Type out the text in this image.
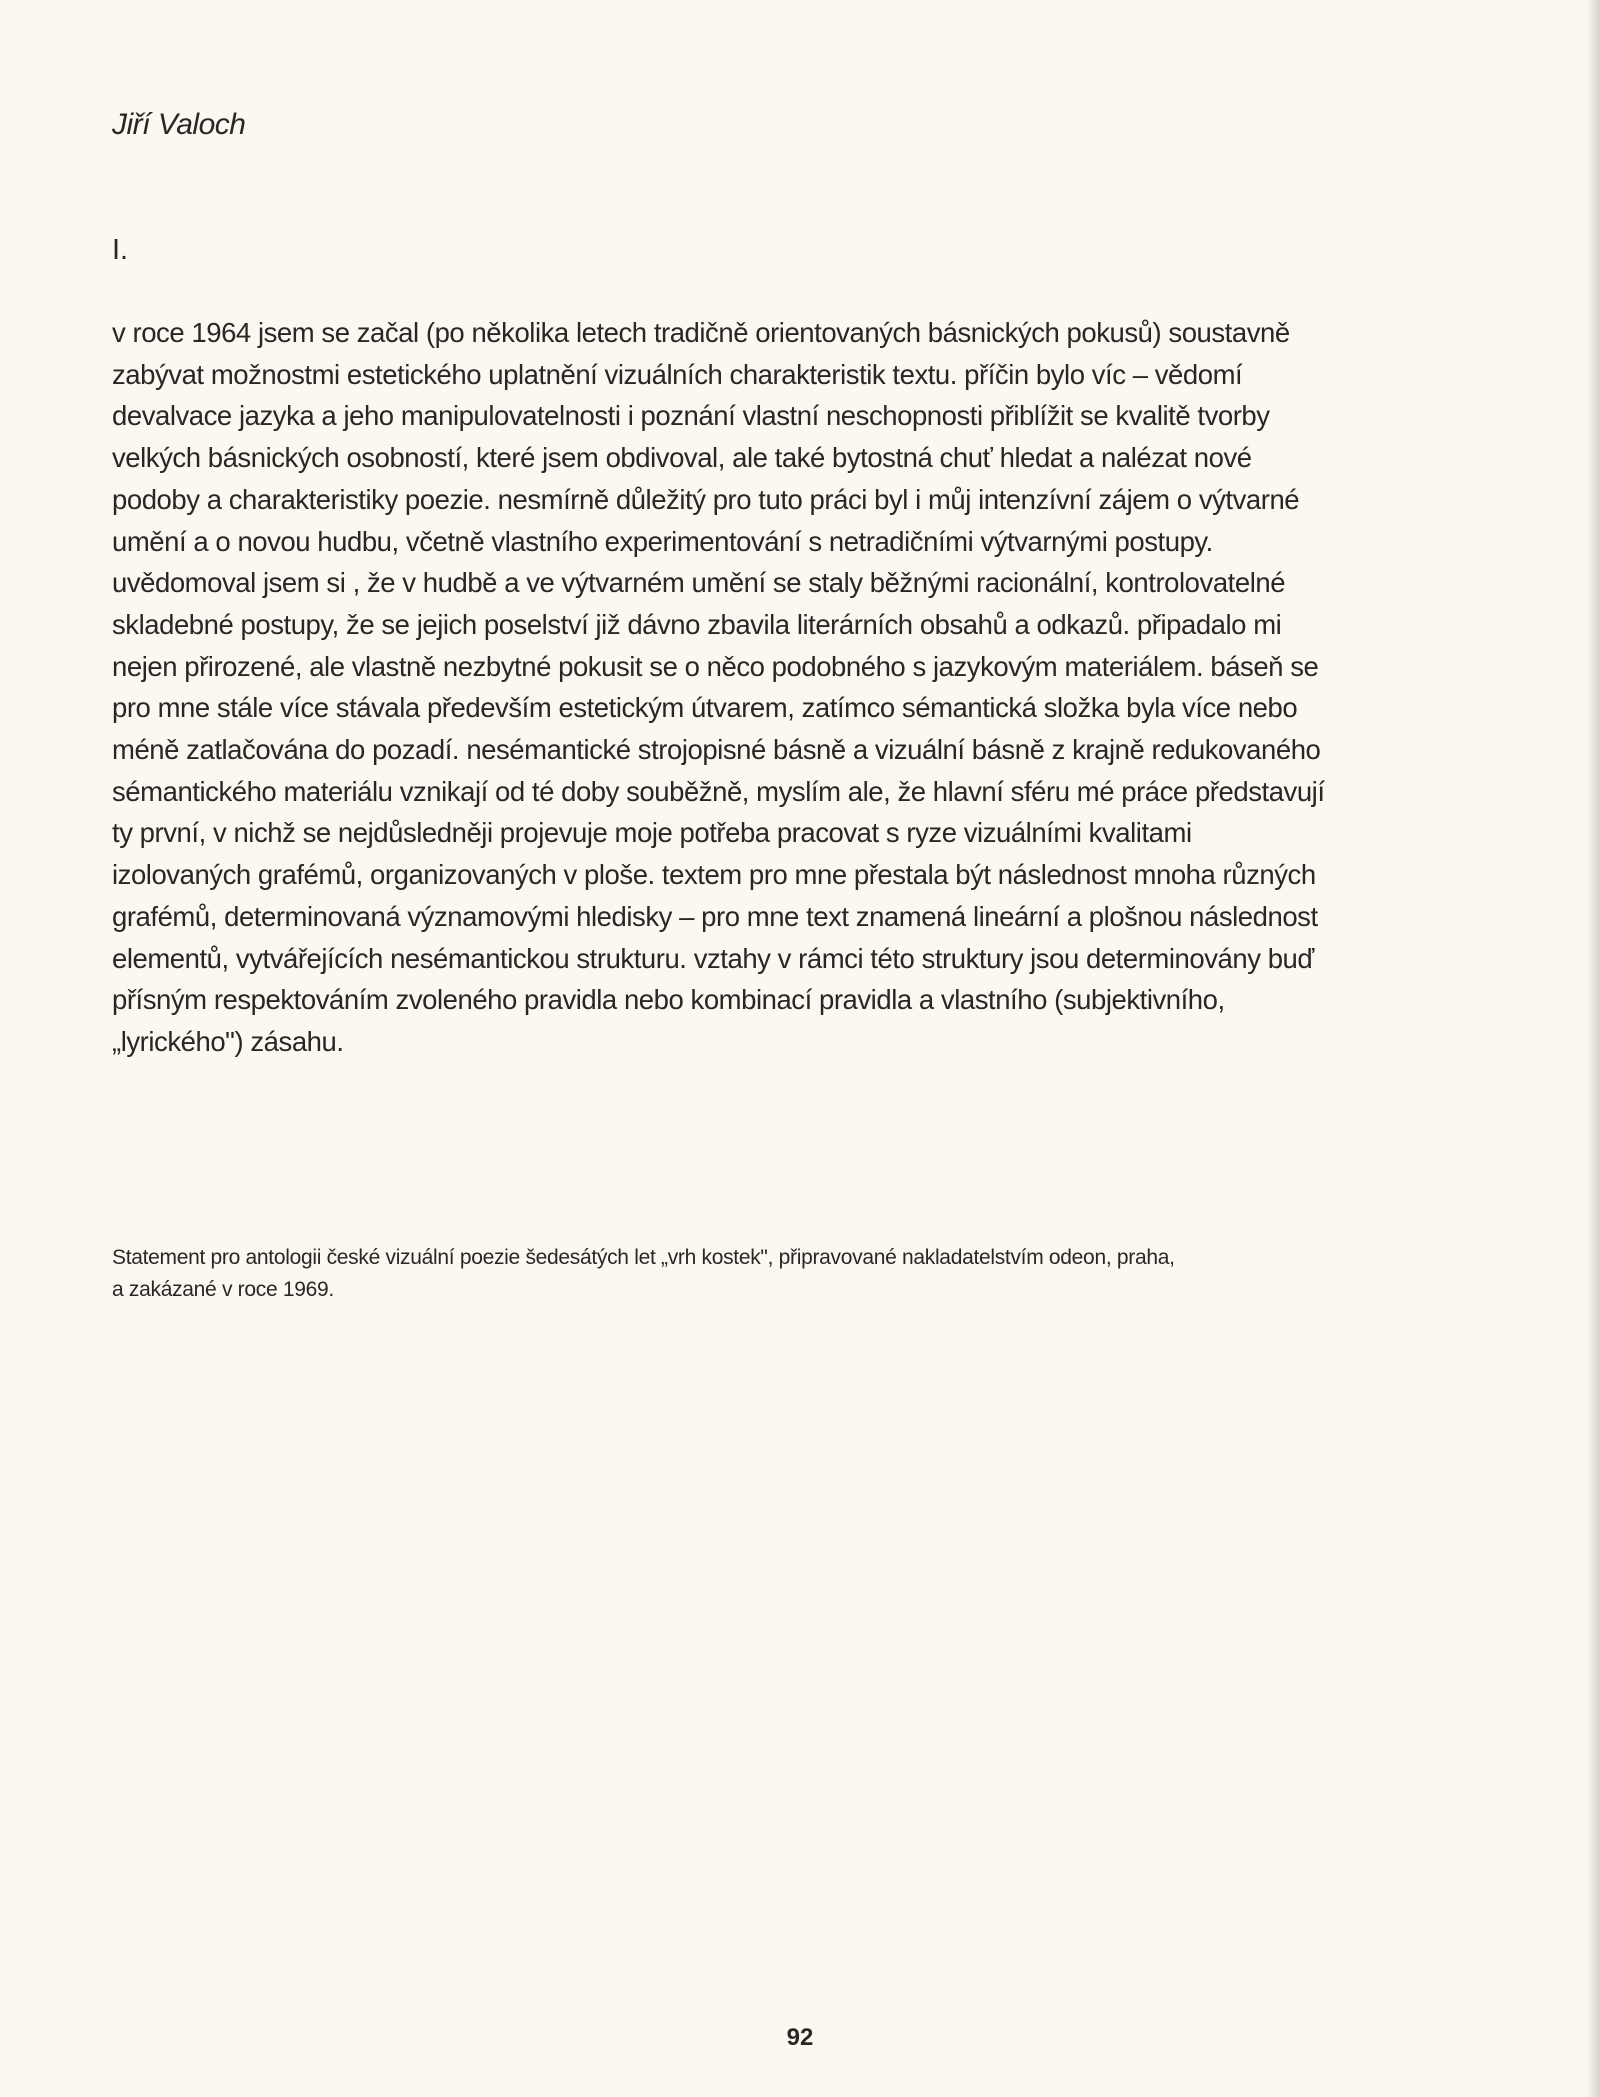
Jiří Valoch
I.
v roce 1964 jsem se začal (po několika letech tradičně orientovaných básnických pokusů) soustavně
zabývat možnostmi estetického uplatnění vizuálních charakteristik textu. příčin bylo víc – vědomí
devalvace jazyka a jeho manipulovatelnosti i poznání vlastní neschopnosti přiblížit se kvalitě tvorby
velkých básnických osobností, které jsem obdivoval, ale také bytostná chuť hledat a nalézat nové
podoby a charakteristiky poezie. nesmírně důležitý pro tuto práci byl i můj intenzívní zájem o výtvarné
umění a o novou hudbu, včetně vlastního experimentování s netradičními výtvarnými postupy.
uvědomoval jsem si , že v hudbě a ve výtvarném umění se staly běžnými racionální, kontrolovatelné
skladebné postupy, že se jejich poselství již dávno zbavila literárních obsahů a odkazů. připadalo mi
nejen přirozené, ale vlastně nezbytné pokusit se o něco podobného s jazykovým materiálem. báseň se
pro mne stále více stávala především estetickým útvarem, zatímco sémantická složka byla více nebo
méně zatlačována do pozadí. nesémantické strojopisné básně a vizuální básně z krajně redukovaného
sémantického materiálu vznikají od té doby souběžně, myslím ale, že hlavní sféru mé práce představují
ty první, v nichž se nejdůsledněji projevuje moje potřeba pracovat s ryze vizuálními kvalitami
izolovaných grafémů, organizovaných v ploše. textem pro mne přestala být následnost mnoha různých
grafémů, determinovaná významovými hledisky – pro mne text znamená lineární a plošnou následnost
elementů, vytvářejících nesémantickou strukturu. vztahy v rámci této struktury jsou determinovány buď
přísným respektováním zvoleného pravidla nebo kombinací pravidla a vlastního (subjektivního,
„lyrického") zásahu.
Statement pro antologii české vizuální poezie šedesátých let „vrh kostek", připravované nakladatelstvím odeon, praha,
a zakázané v roce 1969.
92
